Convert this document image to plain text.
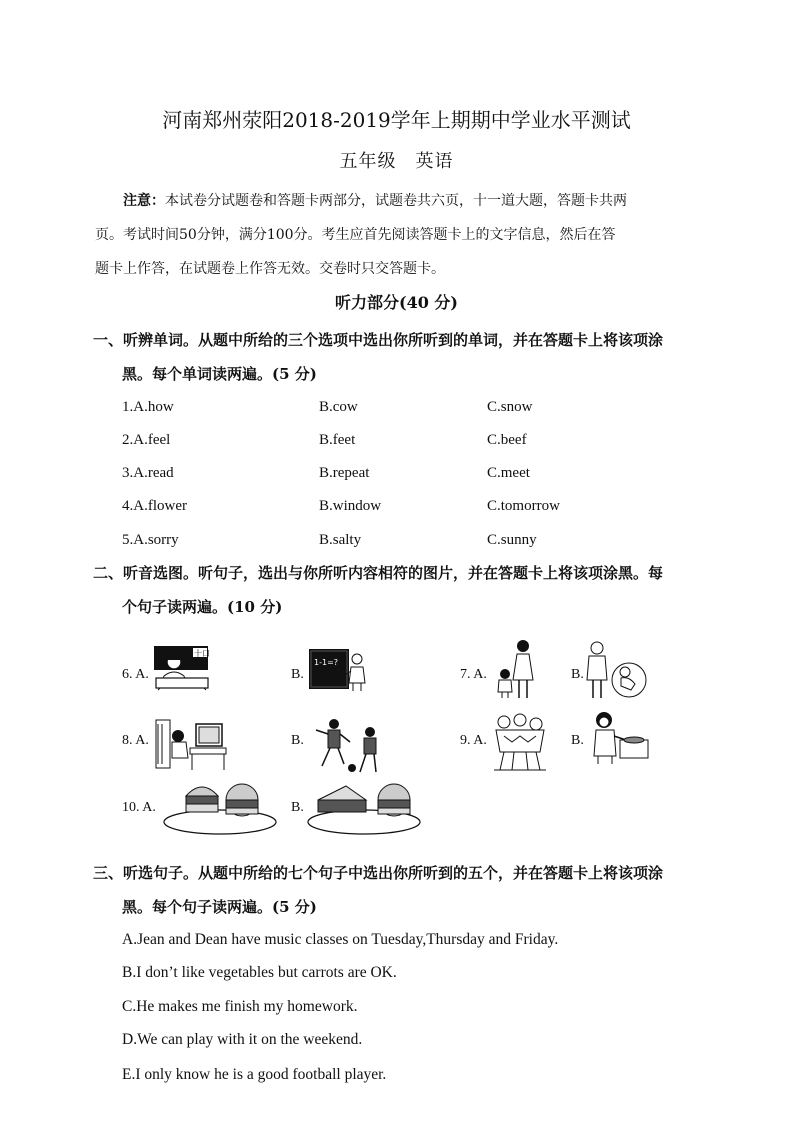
河南郑州荥阳2018-2019学年上期期中学业水平测试
五年级　英语
注意：本试卷分试题卷和答题卡两部分，试题卷共六页，十一道大题，答题卡共两
页。考试时间50分钟，满分100分。考生应首先阅读答题卡上的文字信息，然后在答
题卡上作答，在试题卷上作答无效。交卷时只交答题卡。
听力部分(40 分)
一、听辨单词。从题中所给的三个选项中选出你所听到的单词，并在答题卡上将该项涂
黑。每个单词读两遍。(5 分)
1.A.how	B.cow	C.snow
2.A.feel	B.feet	C.beef
3.A.read	B.repeat	C.meet
4.A.flower	B.window	C.tomorrow
5.A.sorry	B.salty	C.sunny
二、听音选图。听句子，选出与你所听内容相符的图片，并在答题卡上将该项涂黑。每
个句子读两遍。(10 分)
6. A.
十口
B.
1-1=?
7. A.	B.
8. A.	B.	9. A.	B.
10. A.	B.
三、听选句子。从题中所给的七个句子中选出你所听到的五个，并在答题卡上将该项涂
黑。每个句子读两遍。(5 分)
A.Jean and Dean have music classes on Tuesday,Thursday and Friday.
B.I don’t like vegetables but carrots are OK.
C.He makes me finish my homework.
D.We can play with it on the weekend.
E.I only know he is a good football player.
